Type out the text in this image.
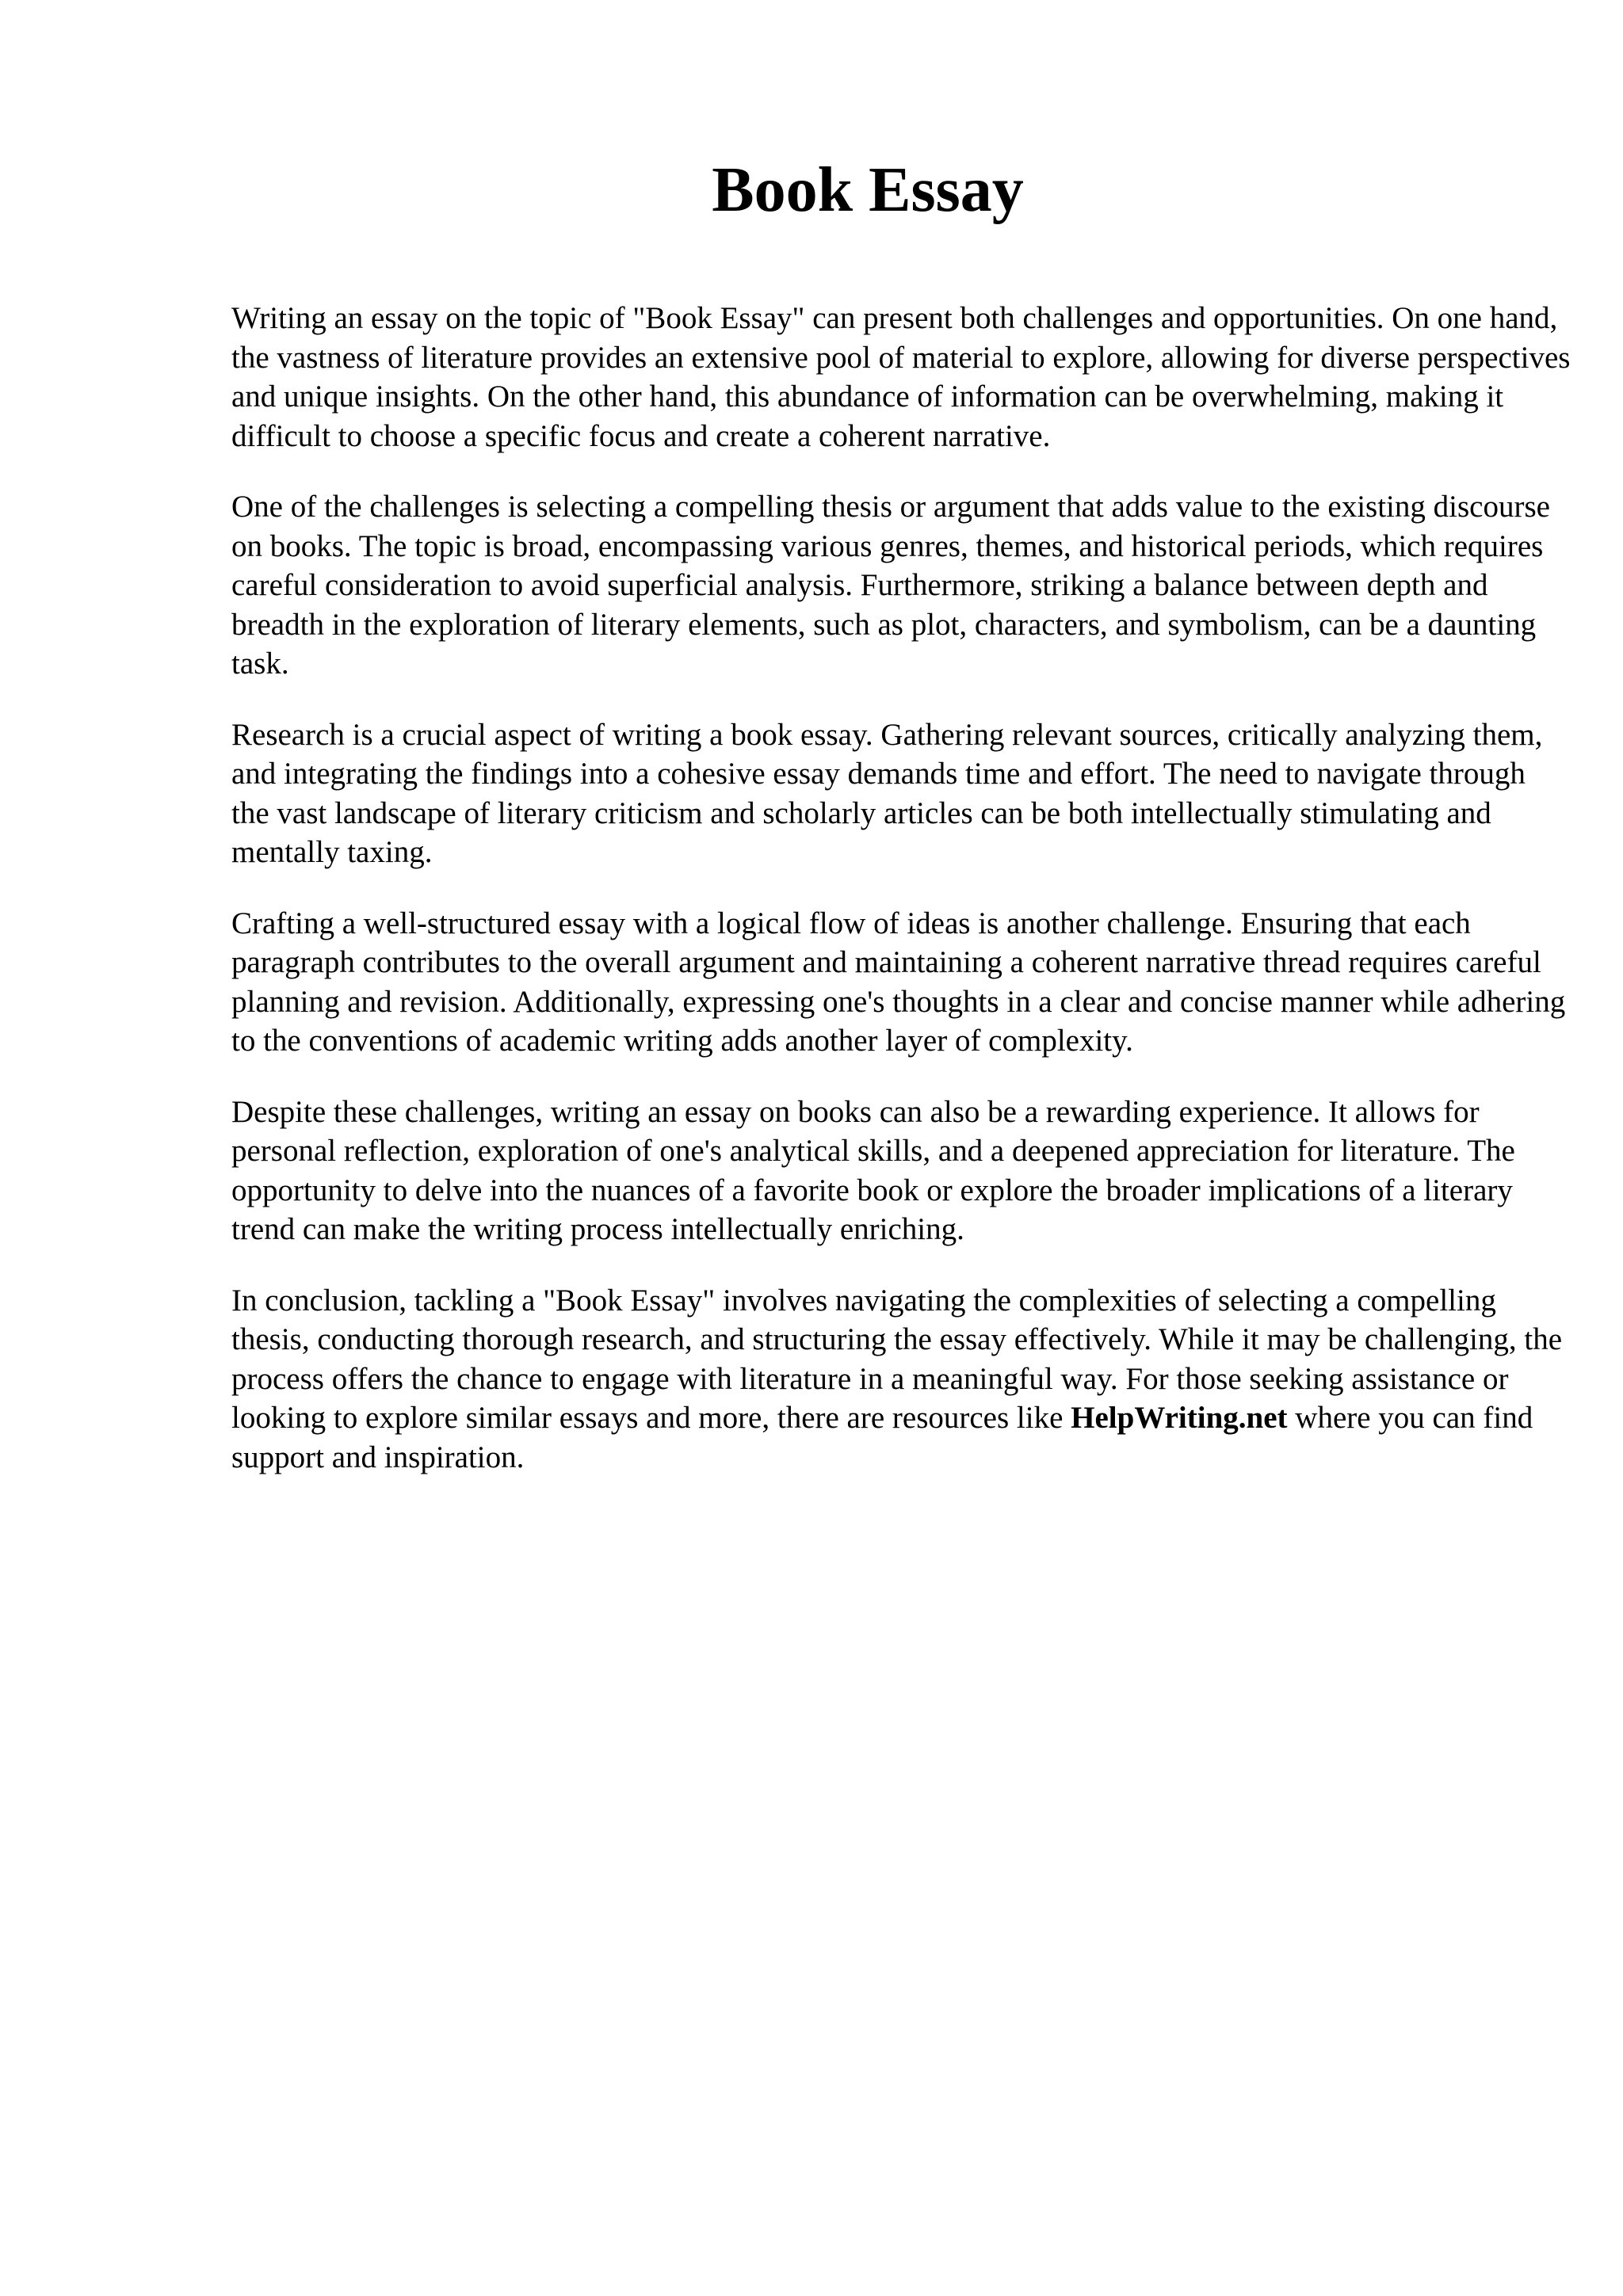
Book Essay

Writing an essay on the topic of "Book Essay" can present both challenges and opportunities. On one hand, the vastness of literature provides an extensive pool of material to explore, allowing for diverse perspectives and unique insights. On the other hand, this abundance of information can be overwhelming, making it difficult to choose a specific focus and create a coherent narrative.

One of the challenges is selecting a compelling thesis or argument that adds value to the existing discourse on books. The topic is broad, encompassing various genres, themes, and historical periods, which requires careful consideration to avoid superficial analysis. Furthermore, striking a balance between depth and breadth in the exploration of literary elements, such as plot, characters, and symbolism, can be a daunting task.

Research is a crucial aspect of writing a book essay. Gathering relevant sources, critically analyzing them, and integrating the findings into a cohesive essay demands time and effort. The need to navigate through the vast landscape of literary criticism and scholarly articles can be both intellectually stimulating and mentally taxing.

Crafting a well-structured essay with a logical flow of ideas is another challenge. Ensuring that each paragraph contributes to the overall argument and maintaining a coherent narrative thread requires careful planning and revision. Additionally, expressing one's thoughts in a clear and concise manner while adhering to the conventions of academic writing adds another layer of complexity.

Despite these challenges, writing an essay on books can also be a rewarding experience. It allows for personal reflection, exploration of one's analytical skills, and a deepened appreciation for literature. The opportunity to delve into the nuances of a favorite book or explore the broader implications of a literary trend can make the writing process intellectually enriching.

In conclusion, tackling a "Book Essay" involves navigating the complexities of selecting a compelling thesis, conducting thorough research, and structuring the essay effectively. While it may be challenging, the process offers the chance to engage with literature in a meaningful way. For those seeking assistance or looking to explore similar essays and more, there are resources like HelpWriting.net where you can find support and inspiration.
